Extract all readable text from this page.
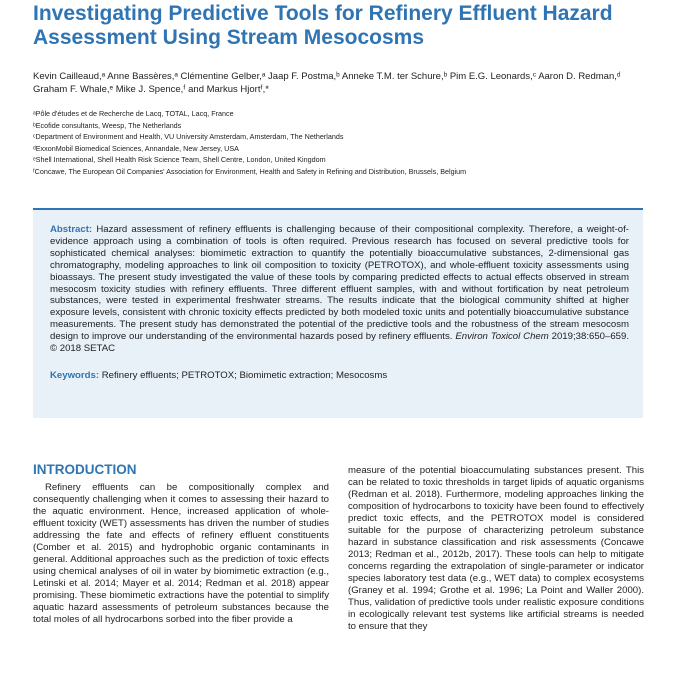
Investigating Predictive Tools for Refinery Effluent Hazard Assessment Using Stream Mesocosms
Kevin Cailleaud,ᵃ Anne Bassères,ᵃ Clémentine Gelber,ᵃ Jaap F. Postma,ᵇ Anneke T.M. ter Schure,ᵇ Pim E.G. Leonards,ᶜ Aaron D. Redman,ᵈ Graham F. Whale,ᵉ Mike J. Spence,ᶠ and Markus Hjortᶠ,*
ᵃPôle d'études et de Recherche de Lacq, TOTAL, Lacq, France
ᵇEcofide consultants, Weesp, The Netherlands
ᶜDepartment of Environment and Health, VU University Amsterdam, Amsterdam, The Netherlands
ᵈExxonMobil Biomedical Sciences, Annandale, New Jersey, USA
ᵉShell International, Shell Health Risk Science Team, Shell Centre, London, United Kingdom
ᶠConcawe, The European Oil Companies' Association for Environment, Health and Safety in Refining and Distribution, Brussels, Belgium
Abstract: Hazard assessment of refinery effluents is challenging because of their compositional complexity. Therefore, a weight-of-evidence approach using a combination of tools is often required. Previous research has focused on several predictive tools for sophisticated chemical analyses: biomimetic extraction to quantify the potentially bioaccumulative substances, 2-dimensional gas chromatography, modeling approaches to link oil composition to toxicity (PETROTOX), and whole-effluent toxicity assessments using bioassays. The present study investigated the value of these tools by comparing predicted effects to actual effects observed in stream mesocosm toxicity studies with refinery effluents. Three different effluent samples, with and without fortification by neat petroleum substances, were tested in experimental freshwater streams. The results indicate that the biological community shifted at higher exposure levels, consistent with chronic toxicity effects predicted by both modeled toxic units and potentially bioaccumulative substance measurements. The present study has demonstrated the potential of the predictive tools and the robustness of the stream mesocosm design to improve our understanding of the environmental hazards posed by refinery effluents. Environ Toxicol Chem 2019;38:650–659. © 2018 SETAC
Keywords: Refinery effluents; PETROTOX; Biomimetic extraction; Mesocosms
INTRODUCTION
Refinery effluents can be compositionally complex and consequently challenging when it comes to assessing their hazard to the aquatic environment. Hence, increased application of whole-effluent toxicity (WET) assessments has driven the number of studies addressing the fate and effects of refinery effluent constituents (Comber et al. 2015) and hydrophobic organic contaminants in general. Additional approaches such as the prediction of toxic effects using chemical analyses of oil in water by biomimetic extraction (e.g., Letinski et al. 2014; Mayer et al. 2014; Redman et al. 2018) appear promising. These biomimetic extractions have the potential to simplify aquatic hazard assessments of petroleum substances because the total moles of all hydrocarbons sorbed into the fiber provide a
measure of the potential bioaccumulating substances present. This can be related to toxic thresholds in target lipids of aquatic organisms (Redman et al. 2018). Furthermore, modeling approaches linking the composition of hydrocarbons to toxicity have been found to effectively predict toxic effects, and the PETROTOX model is considered suitable for the purpose of characterizing petroleum substance hazard in substance classification and risk assessments (Concawe 2013; Redman et al., 2012b, 2017). These tools can help to mitigate concerns regarding the extrapolation of single-parameter or indicator species laboratory test data (e.g., WET data) to complex ecosystems (Graney et al. 1994; Grothe et al. 1996; La Point and Waller 2000). Thus, validation of predictive tools under realistic exposure conditions in ecologically relevant test systems like artificial streams is needed to ensure that they
